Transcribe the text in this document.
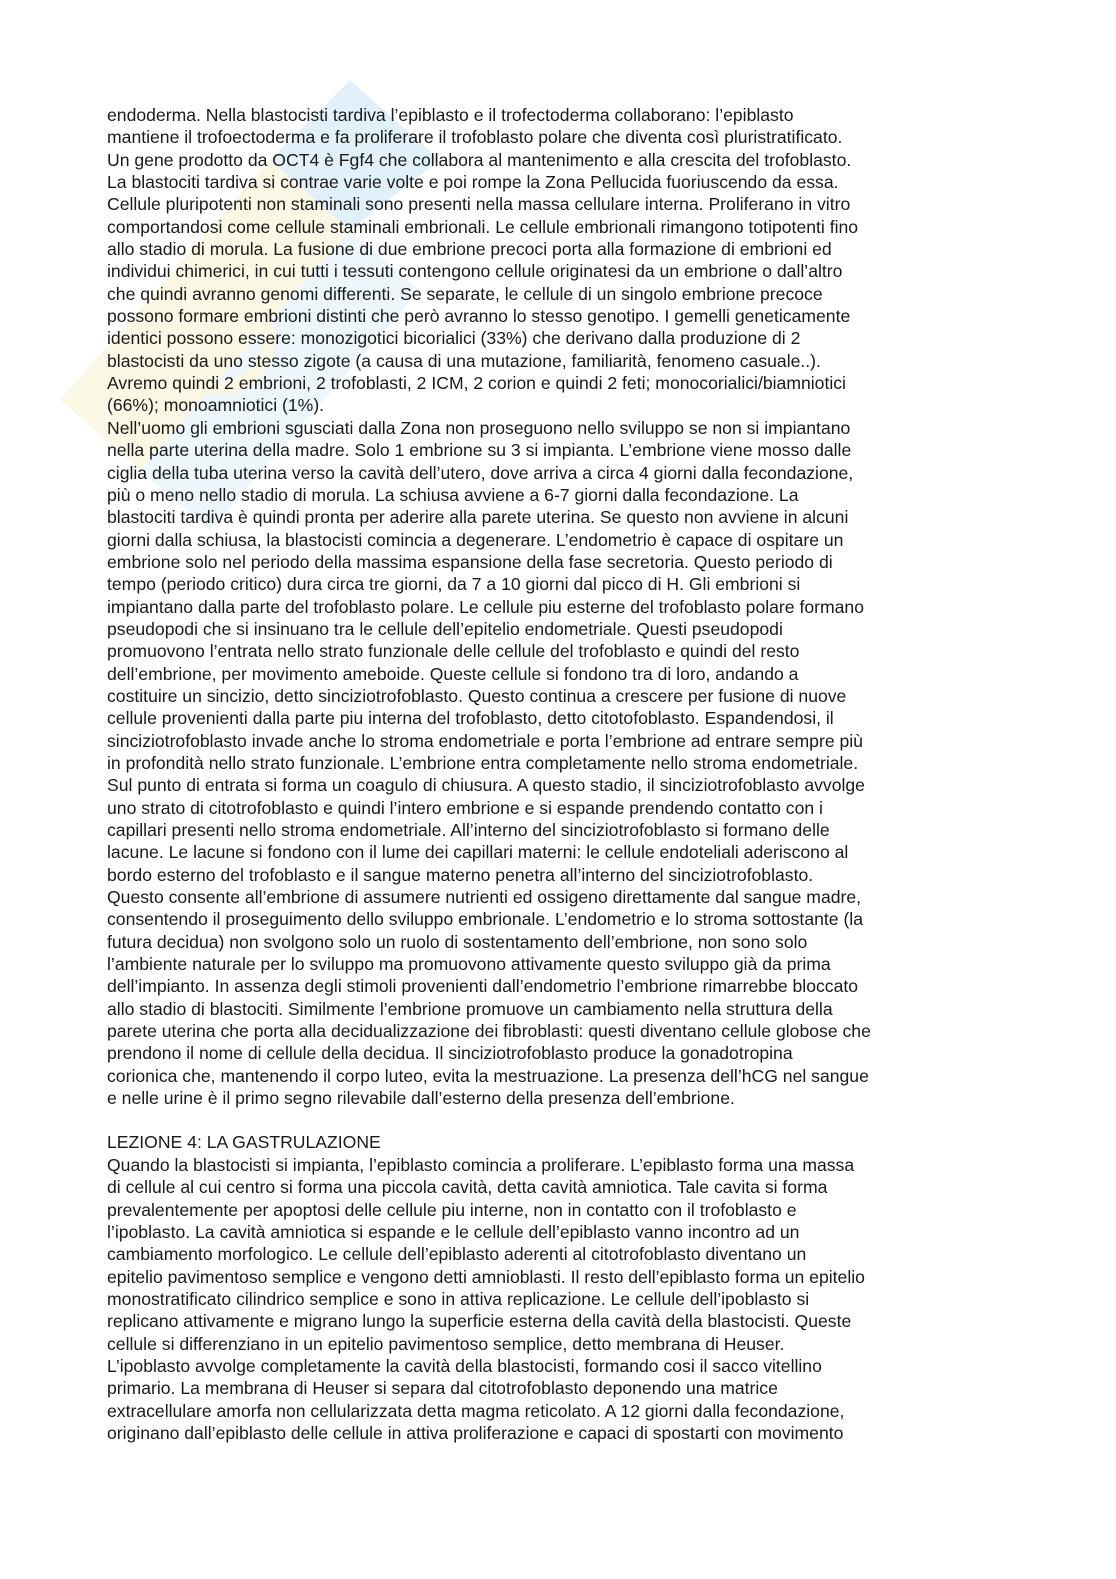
endoderma. Nella blastocisti tardiva l’epiblasto e il trofectoderma collaborano: l’epiblasto
mantiene il trofoectoderma e fa proliferare il trofoblasto polare che diventa così pluristratificato.
Un gene prodotto da OCT4 è Fgf4 che collabora al mantenimento e alla crescita del trofoblasto.
La blastociti tardiva si contrae varie volte e poi rompe la Zona Pellucida fuoriuscendo da essa.
Cellule pluripotenti non staminali sono presenti nella massa cellulare interna. Proliferano in vitro
comportandosi come cellule staminali embrionali. Le cellule embrionali rimangono totipotenti fino
allo stadio di morula. La fusione di due embrione precoci porta alla formazione di embrioni ed
individui chimerici, in cui tutti i tessuti contengono cellule originatesi da un embrione o dall’altro
che quindi avranno genomi differenti. Se separate, le cellule di un singolo embrione precoce
possono formare embrioni distinti che però avranno lo stesso genotipo. I gemelli geneticamente
identici possono essere: monozigotici bicorialici (33%) che derivano dalla produzione di 2
blastocisti da uno stesso zigote (a causa di una mutazione, familiarità, fenomeno casuale..).
Avremo quindi 2 embrioni, 2 trofoblasti, 2 ICM, 2 corion e quindi 2 feti; monocorialici/biamniotici
(66%); monoamniotici (1%).

Nell’uomo gli embrioni sgusciati dalla Zona non proseguono nello sviluppo se non si impiantano
nella parte uterina della madre. Solo 1 embrione su 3 si impianta. L’embrione viene mosso dalle
ciglia della tuba uterina verso la cavità dell’utero, dove arriva a circa 4 giorni dalla fecondazione,
più o meno nello stadio di morula. La schiusa avviene a 6-7 giorni dalla fecondazione. La
blastociti tardiva è quindi pronta per aderire alla parete uterina. Se questo non avviene in alcuni
giorni dalla schiusa, la blastocisti comincia a degenerare. L’endometrio è capace di ospitare un
embrione solo nel periodo della massima espansione della fase secretoria. Questo periodo di
tempo (periodo critico) dura circa tre giorni, da 7 a 10 giorni dal picco di H. Gli embrioni si
impiantano dalla parte del trofoblasto polare. Le cellule piu esterne del trofoblasto polare formano
pseudopodi che si insinuano tra le cellule dell’epitelio endometriale. Questi pseudopodi
promuovono l’entrata nello strato funzionale delle cellule del trofoblasto e quindi del resto
dell’embrione, per movimento ameboide. Queste cellule si fondono tra di loro, andando a
costituire un sincizio, detto sinciziotrofoblasto. Questo continua a crescere per fusione di nuove
cellule provenienti dalla parte piu interna del trofoblasto, detto citotofoblasto. Espandendosi, il
sinciziotrofoblasto invade anche lo stroma endometriale e porta l’embrione ad entrare sempre più
in profondità nello strato funzionale. L’embrione entra completamente nello stroma endometriale.
Sul punto di entrata si forma un coagulo di chiusura. A questo stadio, il sinciziotrofoblasto avvolge
uno strato di citotrofoblasto e quindi l’intero embrione e si espande prendendo contatto con i
capillari presenti nello stroma endometriale. All’interno del sinciziotrofoblasto si formano delle
lacune. Le lacune si fondono con il lume dei capillari materni: le cellule endoteliali aderiscono al
bordo esterno del trofoblasto e il sangue materno penetra all’interno del sinciziotrofoblasto.
Questo consente all’embrione di assumere nutrienti ed ossigeno direttamente dal sangue madre,
consentendo il proseguimento dello sviluppo embrionale. L’endometrio e lo stroma sottostante (la
futura decidua) non svolgono solo un ruolo di sostentamento dell’embrione, non sono solo
l’ambiente naturale per lo sviluppo ma promuovono attivamente questo sviluppo già da prima
dell’impianto. In assenza degli stimoli provenienti dall’endometrio l’embrione rimarrebbe bloccato
allo stadio di blastociti. Similmente l’embrione promuove un cambiamento nella struttura della
parete uterina che porta alla decidualizzazione dei fibroblasti: questi diventano cellule globose che
prendono il nome di cellule della decidua. Il sinciziotrofoblasto produce la gonadotropina
corionica che, mantenendo il corpo luteo, evita la mestruazione. La presenza dell’hCG nel sangue
e nelle urine è il primo segno rilevabile dall’esterno della presenza dell’embrione.

LEZIONE 4: LA GASTRULAZIONE

Quando la blastocisti si impianta, l’epiblasto comincia a proliferare. L’epiblasto forma una massa
di cellule al cui centro si forma una piccola cavità, detta cavità amniotica. Tale cavita si forma
prevalentemente per apoptosi delle cellule piu interne, non in contatto con il trofoblasto e
l’ipoblasto. La cavità amniotica si espande e le cellule dell’epiblasto vanno incontro ad un
cambiamento morfologico. Le cellule dell’epiblasto aderenti al citotrofoblasto diventano un
epitelio pavimentoso semplice e vengono detti amnioblasti. Il resto dell’epiblasto forma un epitelio
monostratificato cilindrico semplice e sono in attiva replicazione. Le cellule dell’ipoblasto si
replicano attivamente e migrano lungo la superficie esterna della cavità della blastocisti. Queste
cellule si differenziano in un epitelio pavimentoso semplice, detto membrana di Heuser.
L’ipoblasto avvolge completamente la cavità della blastocisti, formando cosi il sacco vitellino
primario. La membrana di Heuser si separa dal citotrofoblasto deponendo una matrice
extracellulare amorfa non cellularizzata detta magma reticolato. A 12 giorni dalla fecondazione,
originano dall’epiblasto delle cellule in attiva proliferazione e capaci di spostarti con movimento
